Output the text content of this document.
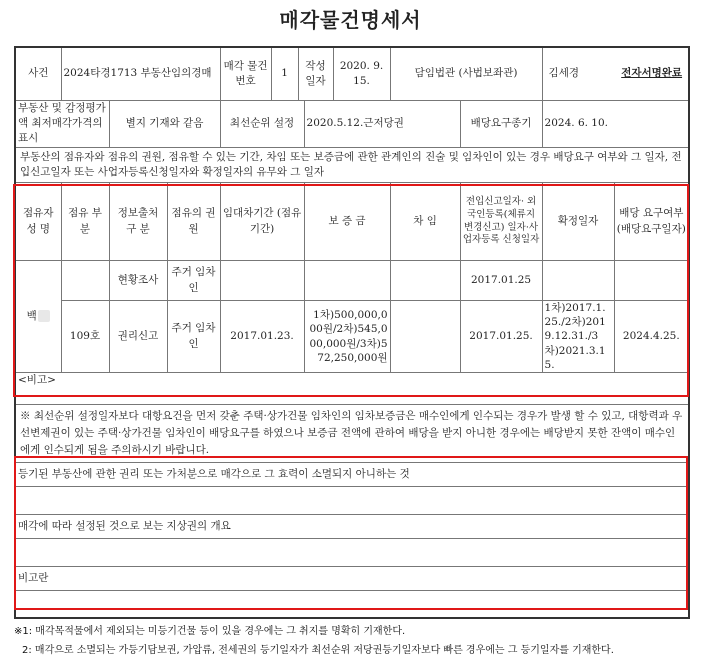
매각물건명세서
사건	2024타경1713 부동산임의경매	
매각 물건번호	1	작성 일자	2020. 9. 15.
	담임법관 (사법보좌관)	김세경	전자서명완료

부동산 및 감정평가액 최저매각가격의 표시	별지 기재와 같음	최선순위 설정	2020.5.12.근저당권	배당요구종기	2024. 6. 10.
부동산의 점유자와 점유의 권원, 점유할 수 있는 기간, 차임 또는 보증금에 관한 관계인의 진술 및 임차인이 있는 경우 배당요구 여부와 그 일자, 전입신고일자 또는 사업자등록신청일자와 확정일자의 유무와 그 일자
점유자 성 명	점유 부분	정보출처 구 분	점유의 권 원	임대차기간 (점유기간)	보 증 금	차 임	전입신고일자· 외국인등록(체류지변경신고) 일자·사업자등록 신청일자	확정일자	배당 요구여부 (배당요구일자)
백		현황조사	주거 임차인				2017.01.25		
109호	권리신고	주거 임차인	2017.01.23.	1차)500,000,000원/2차)545,000,000원/3차)572,250,000원		2017.01.25.	1차)2017.1.25./2차)2019.12.31./3차)2021.3.15.	2024.4.25.
<비고>
※ 최선순위 설정일자보다 대항요건을 먼저 갖춘 주택·상가건물 임차인의 임차보증금은 매수인에게 인수되는 경우가 발생 할 수 있고, 대항력과 우선변제권이 있는 주택·상가건물 임차인이 배당요구를 하였으나 보증금 전액에 관하여 배당을 받지 아니한 경우에는 배당받지 못한 잔액이 매수인에게 인수되게 됨을 주의하시기 바랍니다.
등기된 부동산에 관한 권리 또는 가처분으로 매각으로 그 효력이 소멸되지 아니하는 것

매각에 따라 설정된 것으로 보는 지상권의 개요

비고란

※1: 매각목적물에서 제외되는 미등기건물 등이 있을 경우에는 그 취지를 명확히 기재한다.
2: 매각으로 소멸되는 가등기담보권, 가압류, 전세권의 등기일자가 최선순위 저당권등기일자보다 빠른 경우에는 그 등기일자를 기재한다.
